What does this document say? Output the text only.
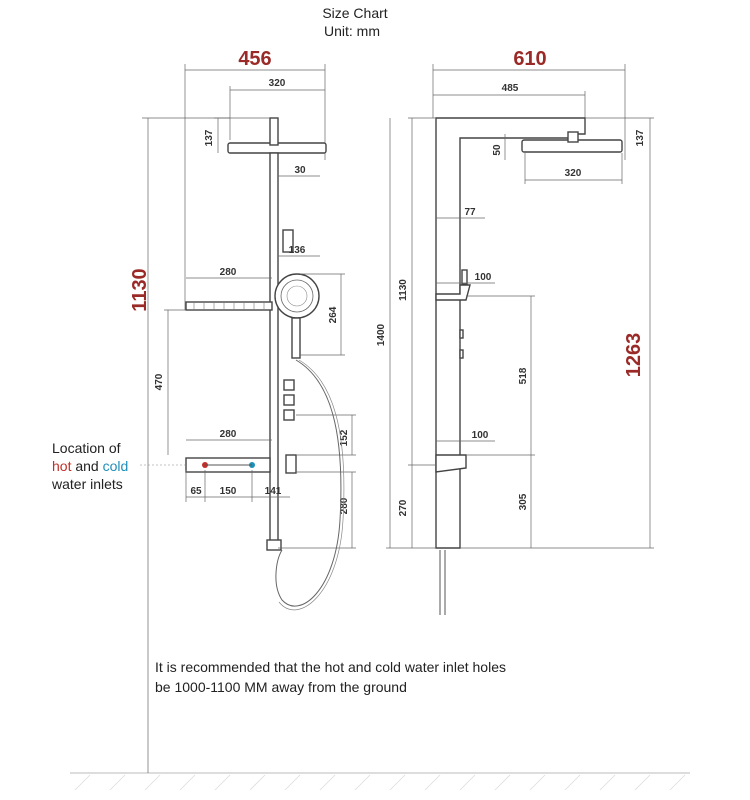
Size Chart
Unit: mm
456
320
137
1130
30
136
280
264
470
152
280
65 150	141
280
Location of
hot and cold
water inlets
610
485
50
137
320
77
100
1130
1400
518
100
270	305
1263
It is recommended that the hot and cold water inlet holes
be 1000-1100 MM away from the ground
